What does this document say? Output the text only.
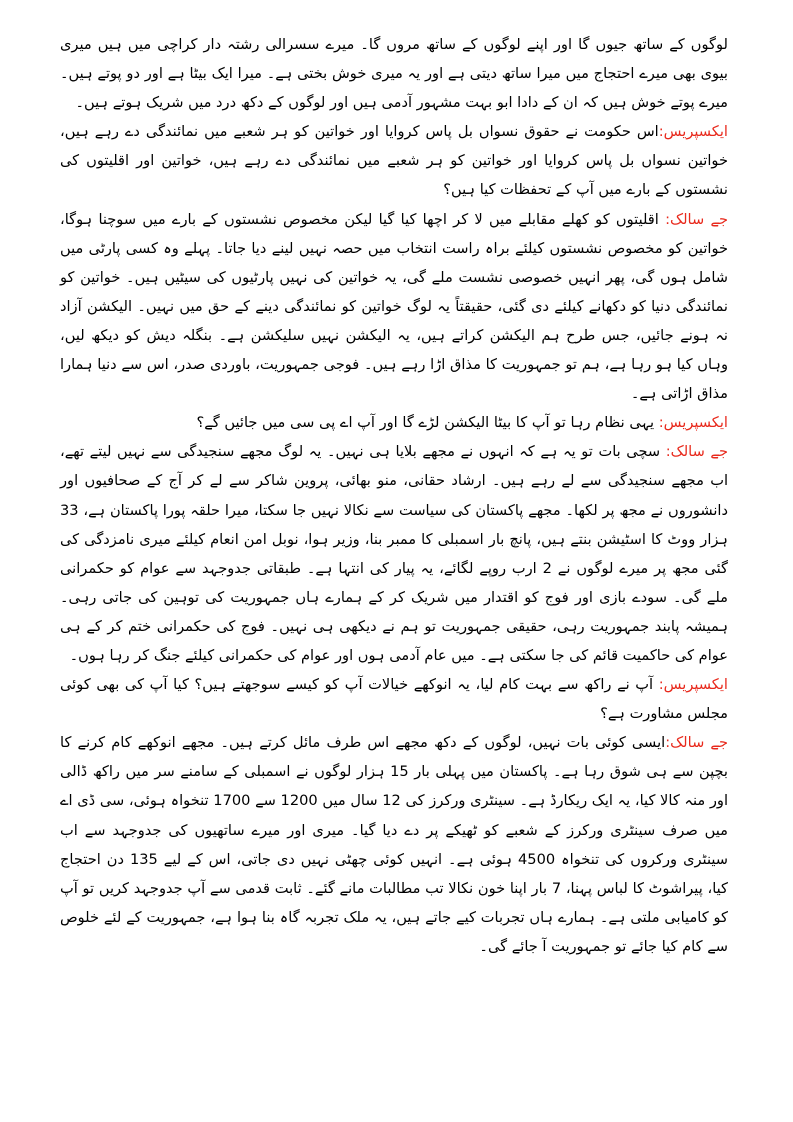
لوگوں کے ساتھ جیوں گا اور اپنے لوگوں کے ساتھ مروں گا۔ میرے سسرالی رشتہ دار کراچی میں ہیں میری بیوی بھی میرے احتجاج میں میرا ساتھ دیتی ہے اور یہ میری خوش بختی ہے۔ میرا ایک بیٹا ہے اور دو پوتے ہیں۔ میرے پوتے خوش ہیں کہ ان کے دادا ابو بہت مشہور آدمی ہیں اور لوگوں کے دکھ درد میں شریک ہوتے ہیں۔

ایکسپریس:اس حکومت نے حقوق نسواں بل پاس کروایا اور خواتین کو ہر شعبے میں نمائندگی دے رہے ہیں، خواتین نسواں بل پاس کروایا اور خواتین کو ہر شعبے میں نمائندگی دے رہے ہیں، خواتین اور اقلیتوں کی نشستوں کے بارے میں آپ کے تحفظات کیا ہیں؟

جے سالک: اقلیتوں کو کھلے مقابلے میں لا کر اچھا کیا گیا لیکن مخصوص نشستوں کے بارے میں سوچنا ہوگا، خواتین کو مخصوص نشستوں کیلئے براہ راست انتخاب میں حصہ نہیں لینے دیا جاتا۔ پہلے وہ کسی پارٹی میں شامل ہوں گی، پھر انہیں خصوصی نشست ملے گی، یہ خواتین کی نہیں پارٹیوں کی سیٹیں ہیں۔ خواتین کو نمائندگی دنیا کو دکھانے کیلئے دی گئی، حقیقتاً یہ لوگ خواتین کو نمائندگی دینے کے حق میں نہیں۔ الیکشن آزاد نہ ہونے جائیں، جس طرح ہم الیکشن کراتے ہیں، یہ الیکشن نہیں سلیکشن ہے۔ بنگلہ دیش کو دیکھ لیں، وہاں کیا ہو رہا ہے، ہم تو جمہوریت کا مذاق اڑا رہے ہیں۔ فوجی جمہوریت، باوردی صدر، اس سے دنیا ہمارا مذاق اڑاتی ہے۔

ایکسپریس: یہی نظام رہا تو آپ کا بیٹا الیکشن لڑے گا اور آپ اے پی سی میں جائیں گے؟

جے سالک: سچی بات تو یہ ہے کہ انہوں نے مجھے بلایا ہی نہیں۔ یہ لوگ مجھے سنجیدگی سے نہیں لیتے تھے، اب مجھے سنجیدگی سے لے رہے ہیں۔ ارشاد حقانی، منو بھائی، پروین شاکر سے لے کر آج کے صحافیوں اور دانشوروں نے مجھ پر لکھا۔ مجھے پاکستان کی سیاست سے نکالا نہیں جا سکتا، میرا حلقہ پورا پاکستان ہے، 33 ہزار ووٹ کا اسٹیشن بنتے ہیں، پانچ بار اسمبلی کا ممبر بنا، وزیر ہوا، نوبل امن انعام کیلئے میری نامزدگی کی گئی مجھ پر میرے لوگوں نے 2 ارب روپے لگائے، یہ پیار کی انتہا ہے۔ طبقاتی جدوجہد سے عوام کو حکمرانی ملے گی۔ سودے بازی اور فوج کو اقتدار میں شریک کر کے ہمارے ہاں جمہوریت کی توہین کی جاتی رہی۔ ہمیشہ پابند جمہوریت رہی، حقیقی جمہوریت تو ہم نے دیکھی ہی نہیں۔ فوج کی حکمرانی ختم کر کے ہی عوام کی حاکمیت قائم کی جا سکتی ہے۔ میں عام آدمی ہوں اور عوام کی حکمرانی کیلئے جنگ کر رہا ہوں۔

ایکسپریس: آپ نے راکھ سے بہت کام لیا، یہ انوکھے خیالات آپ کو کیسے سوجھتے ہیں؟ کیا آپ کی بھی کوئی مجلس مشاورت ہے؟

جے سالک:ایسی کوئی بات نہیں، لوگوں کے دکھ مجھے اس طرف مائل کرتے ہیں۔ مجھے انوکھے کام کرنے کا بچپن سے ہی شوق رہا ہے۔ پاکستان میں پہلی بار 15 ہزار لوگوں نے اسمبلی کے سامنے سر میں راکھ ڈالی اور منہ کالا کیا، یہ ایک ریکارڈ ہے۔ سینٹری ورکرز کی 12 سال میں 1200 سے 1700 تنخواہ ہوئی، سی ڈی اے میں صرف سینٹری ورکرز کے شعبے کو ٹھیکے پر دے دیا گیا۔ میری اور میرے ساتھیوں کی جدوجہد سے اب سینٹری ورکروں کی تنخواہ 4500 ہوئی ہے۔ انہیں کوئی چھٹی نہیں دی جاتی، اس کے لیے 135 دن احتجاج کیا، پیراشوٹ کا لباس پہنا، 7 بار اپنا خون نکالا تب مطالبات مانے گئے۔ ثابت قدمی سے آپ جدوجہد کریں تو آپ کو کامیابی ملتی ہے۔ ہمارے ہاں تجربات کیے جاتے ہیں، یہ ملک تجربہ گاہ بنا ہوا ہے، جمہوریت کے لئے خلوص سے کام کیا جائے تو جمہوریت آ جائے گی۔
